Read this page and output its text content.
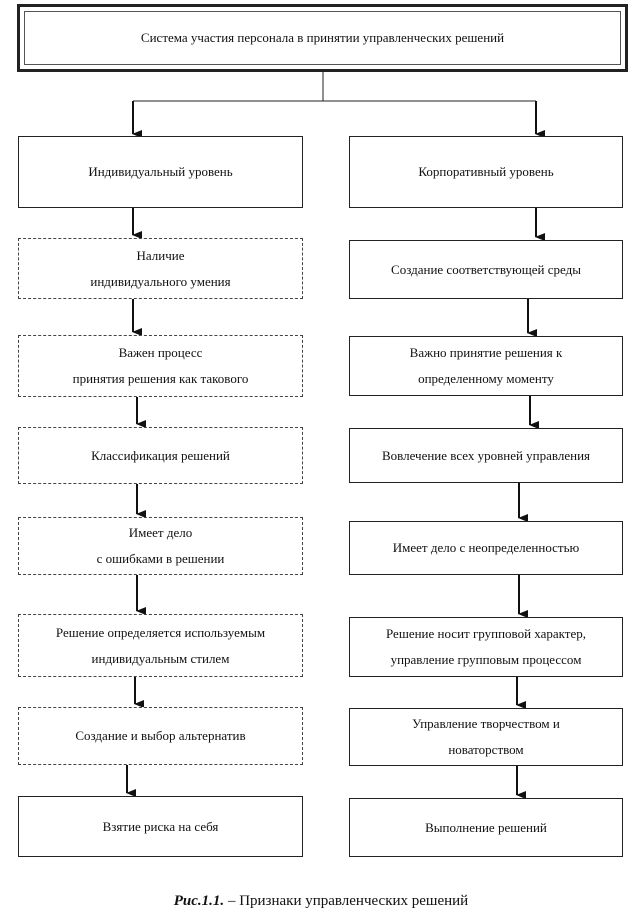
Система участия персонала в принятии управленческих решений
Индивидуальный уровень
Наличие
индивидуального умения
Важен процесс
принятия решения как такового
Классификация решений
Имеет дело
с ошибками в решении
Решение определяется используемым
индивидуальным стилем
Создание и выбор альтернатив
Взятие риска на себя
Корпоративный уровень
Создание соответствующей среды
Важно принятие решения к
определенному моменту
Вовлечение всех уровней управления
Имеет дело с неопределенностью
Решение носит групповой характер,
управление групповым процессом
Управление творчеством и
новаторством
Выполнение решений
Рис.1.1. – Признаки управленческих решений
